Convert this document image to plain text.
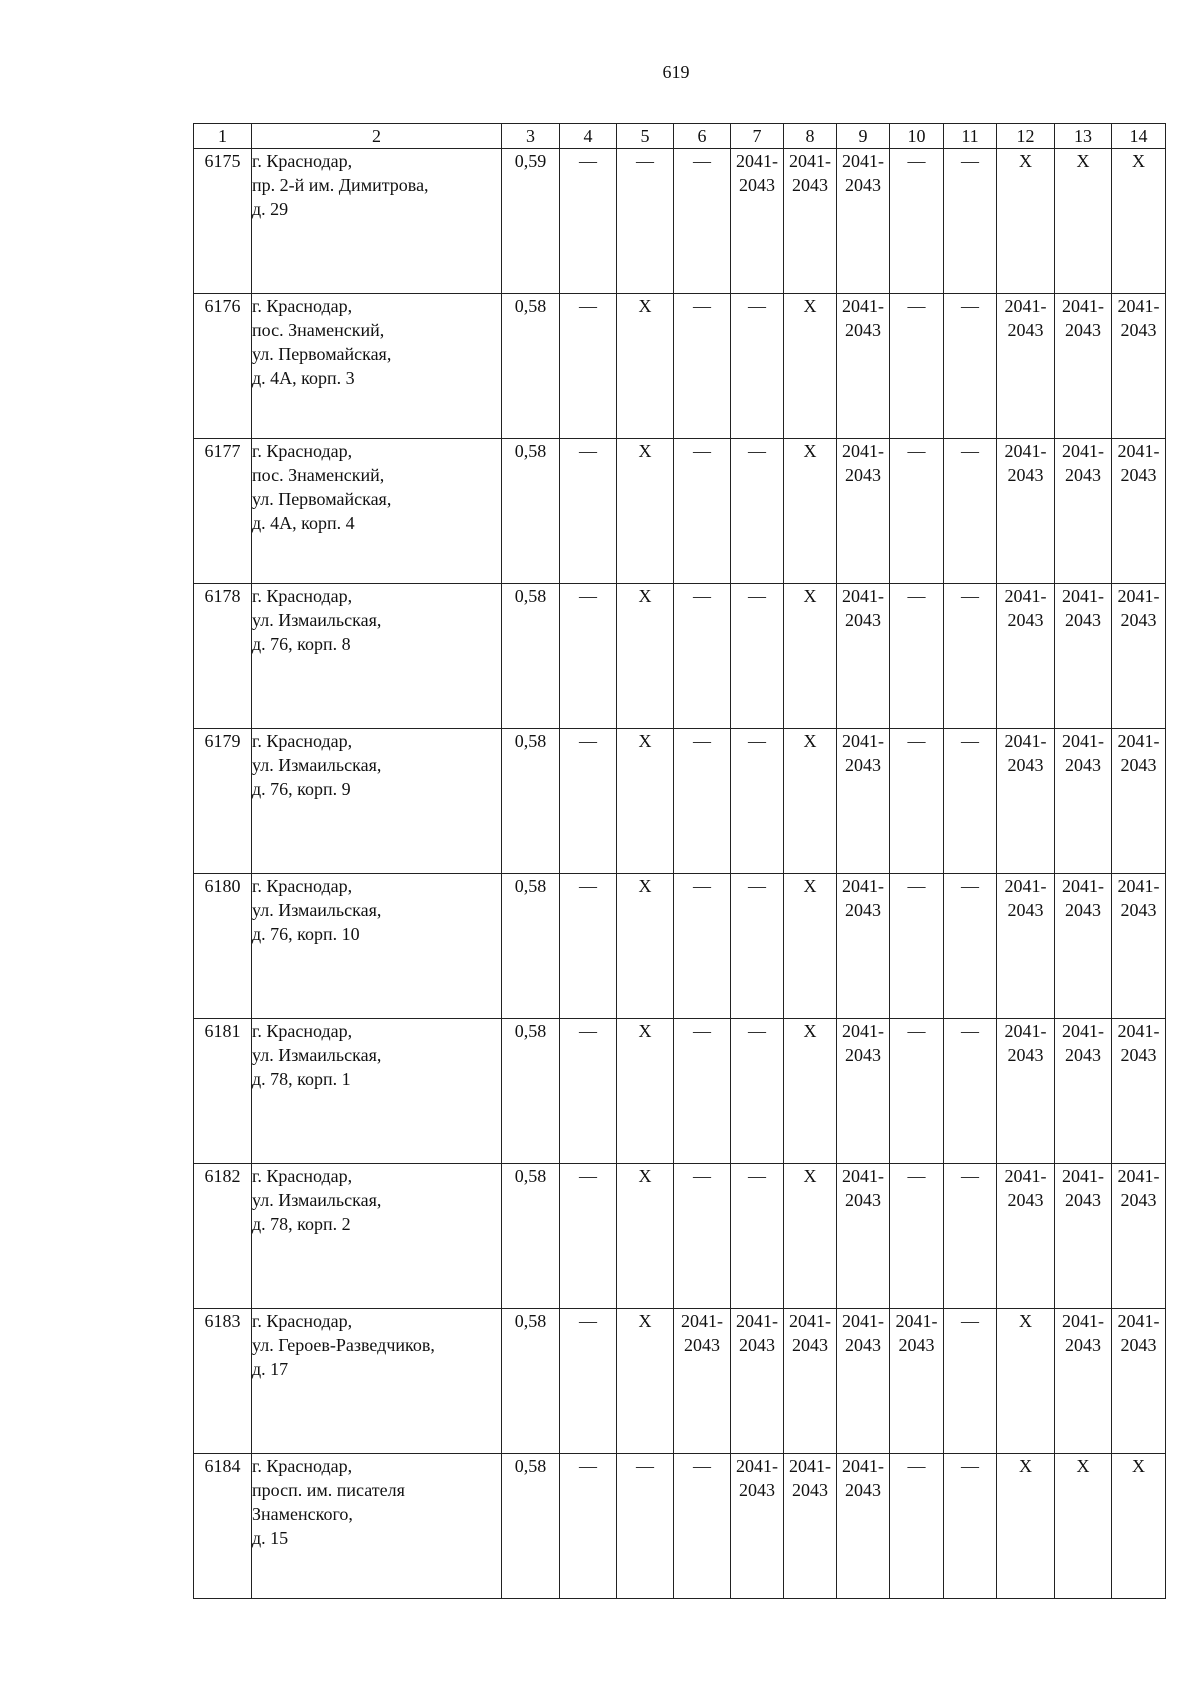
619
1	2	3	4	5	6	7	8	9	10	11	12	13	14
6175	г. Краснодар,
пр. 2-й им. Димитрова,
д. 29	0,59	—	—	—	2041-
2043	2041-
2043	2041-
2043	—	—	X	X	X
6176	г. Краснодар,
пос. Знаменский,
ул. Первомайская,
д. 4А, корп. 3	0,58	—	X	—	—	X	2041-
2043	—	—	2041-
2043	2041-
2043	2041-
2043

6177	г. Краснодар,
пос. Знаменский,
ул. Первомайская,
д. 4А, корп. 4	0,58	—	X	—	—	X	2041-
2043	—	—	2041-
2043	2041-
2043	2041-
2043

6178	г. Краснодар,
ул. Измаильская,
д. 76, корп. 8	0,58	—	X	—	—	X	2041-
2043	—	—	2041-
2043	2041-
2043	2041-
2043

6179	г. Краснодар,
ул. Измаильская,
д. 76, корп. 9	0,58	—	X	—	—	X	2041-
2043	—	—	2041-
2043	2041-
2043	2041-
2043

6180	г. Краснодар,
ул. Измаильская,
д. 76, корп. 10	0,58	—	X	—	—	X	2041-
2043	—	—	2041-
2043	2041-
2043	2041-
2043

6181	г. Краснодар,
ул. Измаильская,
д. 78, корп. 1	0,58	—	X	—	—	X	2041-
2043	—	—	2041-
2043	2041-
2043	2041-
2043

6182	г. Краснодар,
ул. Измаильская,
д. 78, корп. 2	0,58	—	X	—	—	X	2041-
2043	—	—	2041-
2043	2041-
2043	2041-
2043

6183	г. Краснодар,
ул. Героев-Разведчиков,
д. 17	0,58	—	X	2041-
2043	2041-
2043	2041-
2043	2041-
2043	2041-
2043	—	X	2041-
2043	2041-
2043

6184	г. Краснодар,
просп. им. писателя
Знаменского,
д. 15	0,58	—	—	—	2041-
2043	2041-
2043	2041-
2043	—	—	X	X	X
